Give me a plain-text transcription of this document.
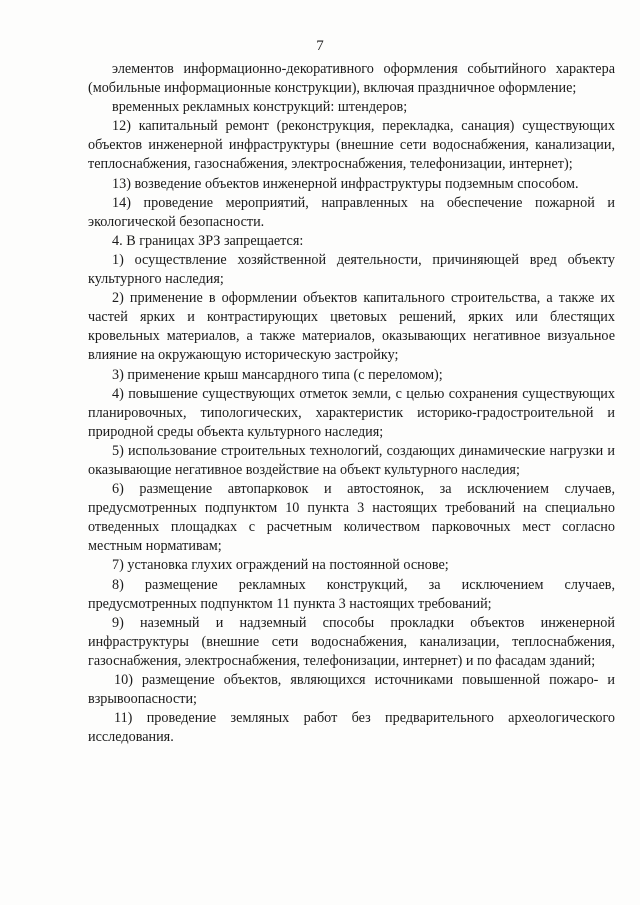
7

элементов информационно-декоративного оформления событийного характера (мобильные информационные конструкции), включая праздничное оформление;

временных рекламных конструкций: штендеров;

12) капитальный ремонт (реконструкция, перекладка, санация) существующих объектов инженерной инфраструктуры (внешние сети водоснабжения, канализации, теплоснабжения, газоснабжения, электроснабжения, телефонизации, интернет);

13) возведение объектов инженерной инфраструктуры подземным способом.

14) проведение мероприятий, направленных на обеспечение пожарной и экологической безопасности.

4. В границах ЗРЗ запрещается:

1) осуществление хозяйственной деятельности, причиняющей вред объекту культурного наследия;

2) применение в оформлении объектов капитального строительства, а также их частей ярких и контрастирующих цветовых решений, ярких или блестящих кровельных материалов, а также материалов, оказывающих негативное визуальное влияние на окружающую историческую застройку;

3) применение крыш мансардного типа (с переломом);

4) повышение существующих отметок земли, с целью сохранения существующих планировочных, типологических, характеристик историко-градостроительной и природной среды объекта культурного наследия;

5) использование строительных технологий, создающих динамические нагрузки и оказывающие негативное воздействие на объект культурного наследия;

6) размещение автопарковок и автостоянок, за исключением случаев, предусмотренных подпунктом 10 пункта 3 настоящих требований на специально отведенных площадках с расчетным количеством парковочных мест согласно местным нормативам;

7) установка глухих ограждений на постоянной основе;

8) размещение рекламных конструкций, за исключением случаев, предусмотренных подпунктом 11 пункта 3 настоящих требований;

9) наземный и надземный способы прокладки объектов инженерной инфраструктуры (внешние сети водоснабжения, канализации, теплоснабжения, газоснабжения, электроснабжения, телефонизации, интернет) и по фасадам зданий;

10) размещение объектов, являющихся источниками повышенной пожаро- и взрывоопасности;

11) проведение земляных работ без предварительного археологического исследования.
